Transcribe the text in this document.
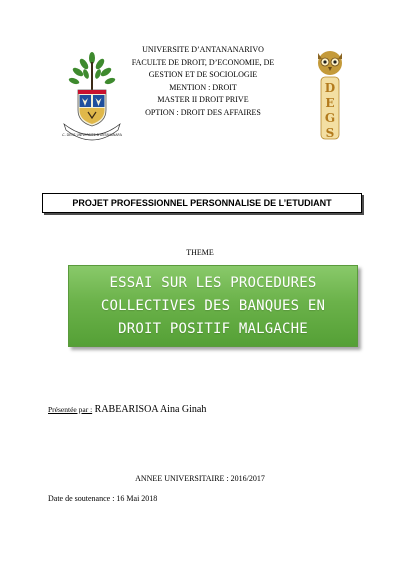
FAC. DEGS UNIVERSITE D'ANTANANARIVO
UNIVERSITE D’ANTANANARIVO
FACULTE DE DROIT, D’ECONOMIE, DE
GESTION ET DE SOCIOLOGIE
MENTION : DROIT
MASTER II DROIT PRIVE
OPTION : DROIT DES AFFAIRES
D
E
G
S
PROJET PROFESSIONNEL PERSONNALISE DE L’ETUDIANT
THEME
ESSAI SUR LES PROCEDURES
COLLECTIVES DES BANQUES EN
DROIT POSITIF MALGACHE
Présentée par : RABEARISOA Aina Ginah
ANNEE UNIVERSITAIRE : 2016/2017
Date de soutenance : 16 Mai 2018
